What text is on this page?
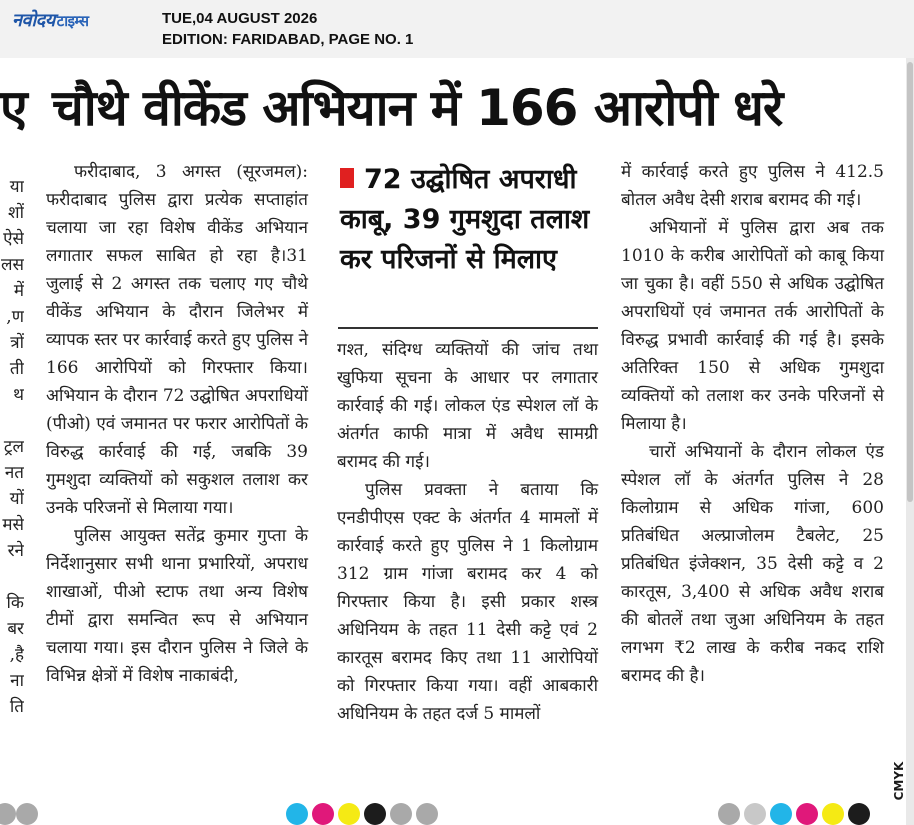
नवोदय टाइम्स	TUE,04 AUGUST 2026
EDITION: FARIDABAD, PAGE NO. 1
ए
या
शों
ऐसे
लस
में
ण,
त्रों
ती
थ

ट्रल
नत
यों
मसे
रने

कि
बर
है,
ना
ति
चौथे वीकेंड अभियान में 166 आरोपी धरे

फरीदाबाद, 3 अगस्त (सूरजमल): फरीदाबाद पुलिस द्वारा प्रत्येक सप्ताहांत चलाया जा रहा विशेष वीकेंड अभियान लगातार सफल साबित हो रहा है।31 जुलाई से 2 अगस्त तक चलाए गए चौथे वीकेंड अभियान के दौरान जिलेभर में व्यापक स्तर पर कार्रवाई करते हुए पुलिस ने 166 आरोपियों को गिरफ्तार किया। अभियान के दौरान 72 उद्घोषित अपराधियों (पीओ) एवं जमानत पर फरार आरोपितों के विरुद्ध कार्रवाई की गई, जबकि 39 गुमशुदा व्यक्तियों को सकुशल तलाश कर उनके परिजनों से मिलाया गया।

पुलिस आयुक्त सतेंद्र कुमार गुप्ता के निर्देशानुसार सभी थाना प्रभारियों, अपराध शाखाओं, पीओ स्टाफ तथा अन्य विशेष टीमों द्वारा समन्वित रूप से अभियान चलाया गया। इस दौरान पुलिस ने जिले के विभिन्न क्षेत्रों में विशेष नाकाबंदी,

72 उद्घोषित अपराधी काबू, 39 गुमशुदा तलाश कर परिजनों से मिलाए

गश्त, संदिग्ध व्यक्तियों की जांच तथा खुफिया सूचना के आधार पर लगातार कार्रवाई की गई। लोकल एंड स्पेशल लॉ के अंतर्गत काफी मात्रा में अवैध सामग्री बरामद की गई।

पुलिस प्रवक्ता ने बताया कि एनडीपीएस एक्ट के अंतर्गत 4 मामलों में कार्रवाई करते हुए पुलिस ने 1 किलोग्राम 312 ग्राम गांजा बरामद कर 4 को गिरफ्तार किया है। इसी प्रकार शस्त्र अधिनियम के तहत 11 देसी कट्टे एवं 2 कारतूस बरामद किए तथा 11 आरोपियों को गिरफ्तार किया गया। वहीं आबकारी अधिनियम के तहत दर्ज 5 मामलों

में कार्रवाई करते हुए पुलिस ने 412.5 बोतल अवैध देसी शराब बरामद की गई।

अभियानों में पुलिस द्वारा अब तक 1010 के करीब आरोपितों को काबू किया जा चुका है। वहीं 550 से अधिक उद्घोषित अपराधियों एवं जमानत तर्क आरोपितों के विरुद्ध प्रभावी कार्रवाई की गई है। इसके अतिरिक्त 150 से अधिक गुमशुदा व्यक्तियों को तलाश कर उनके परिजनों से मिलाया है।

चारों अभियानों के दौरान लोकल एंड स्पेशल लॉ के अंतर्गत पुलिस ने 28 किलोग्राम से अधिक गांजा, 600 प्रतिबंधित अल्प्राजोलम टैबलेट, 25 प्रतिबंधित इंजेक्शन, 35 देसी कट्टे व 2 कारतूस, 3,400 से अधिक अवैध शराब की बोतलें तथा जुआ अधिनियम के तहत लगभग ₹2 लाख के करीब नकद राशि बरामद की है।

CMYK
